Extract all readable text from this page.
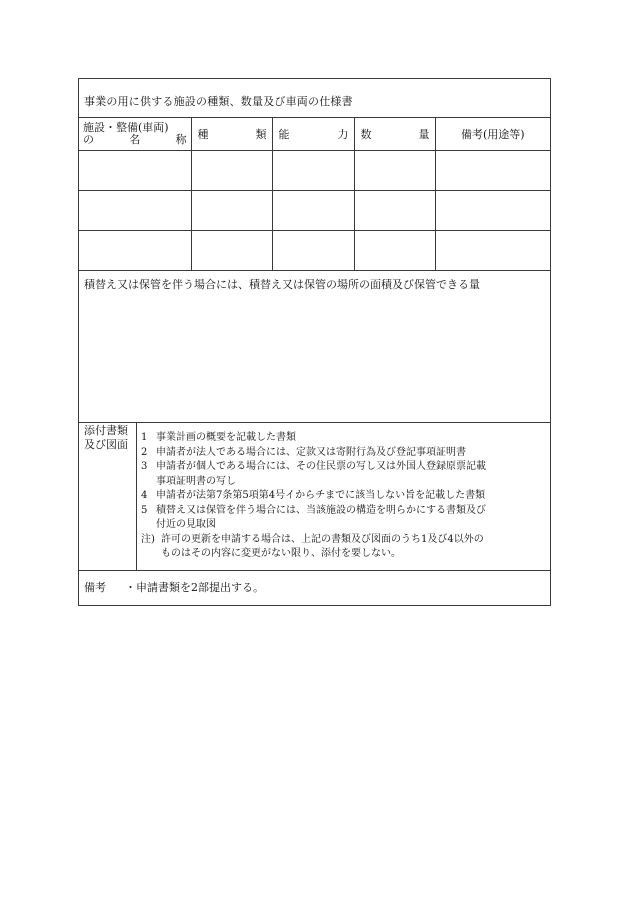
事業の用に供する施設の種類、数量及び車両の仕様書
施設・整備(車両)
の 名 称	種 類	能 力	数 量	備考(用途等)

積替え又は保管を伴う場合には、積替え又は保管の場所の面積及び保管できる量
添付書類
及び図面
1 事業計画の概要を記載した書類
2 申請者が法人である場合には、定款又は寄附行為及び登記事項証明書
3 申請者が個人である場合には、その住民票の写し又は外国人登録原票記載
事項証明書の写し
4 申請者が法第7条第5項第4号イからチまでに該当しない旨を記載した書類
5 積替え又は保管を伴う場合には、当該施設の構造を明らかにする書類及び
付近の見取図
注) 許可の更新を申請する場合は、上記の書類及び図面のうち1及び4以外の
ものはその内容に変更がない限り、添付を要しない。
備考 ・申請書類を2部提出する。
